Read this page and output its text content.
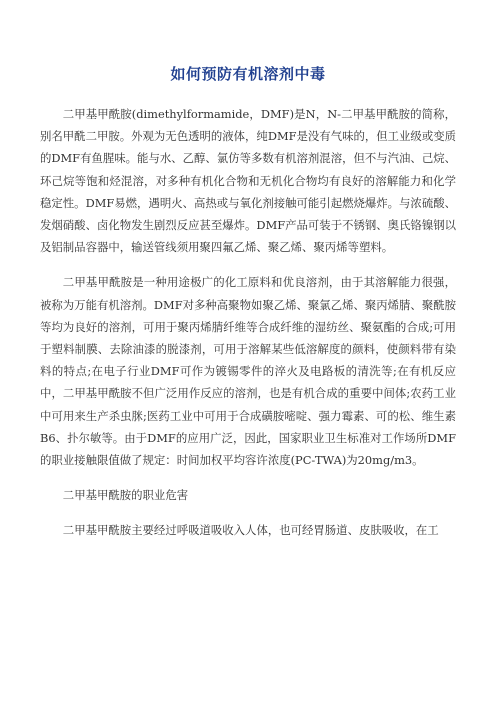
如何预防有机溶剂中毒

二甲基甲酰胺(dimethylformamide，DMF)是N，N-二甲基甲酰胺的简称，别名甲酰二甲胺。外观为无色透明的液体，纯DMF是没有气味的，但工业级或变质的DMF有鱼腥味。能与水、乙醇、氯仿等多数有机溶剂混溶，但不与汽油、己烷、环己烷等饱和烃混溶，对多种有机化合物和无机化合物均有良好的溶解能力和化学稳定性。DMF易燃，遇明火、高热或与氧化剂接触可能引起燃烧爆炸。与浓硫酸、发烟硝酸、卤化物发生剧烈反应甚至爆炸。DMF产品可装于不锈钢、奥氏铬镍钢以及铝制品容器中，输送管线须用聚四氟乙烯、聚乙烯、聚丙烯等塑料。

二甲基甲酰胺是一种用途极广的化工原料和优良溶剂，由于其溶解能力很强，被称为万能有机溶剂。DMF对多种高聚物如聚乙烯、聚氯乙烯、聚丙烯腈、聚酰胺等均为良好的溶剂，可用于聚丙烯腈纤维等合成纤维的湿纺丝、聚氨酯的合成;可用于塑料制膜、去除油漆的脱漆剂，可用于溶解某些低溶解度的颜料，使颜料带有染料的特点;在电子行业DMF可作为镀锡零件的淬火及电路板的清洗等;在有机反应中，二甲基甲酰胺不但广泛用作反应的溶剂，也是有机合成的重要中间体;农药工业中可用来生产杀虫脒;医药工业中可用于合成磺胺嘧啶、强力霉素、可的松、维生素B6、扑尔敏等。由于DMF的应用广泛，因此，国家职业卫生标准对工作场所DMF的职业接触限值做了规定：时间加权平均容许浓度(PC-TWA)为20mg/m3。

二甲基甲酰胺的职业危害

二甲基甲酰胺主要经过呼吸道吸收入人体，也可经胃肠道、皮肤吸收，在工
